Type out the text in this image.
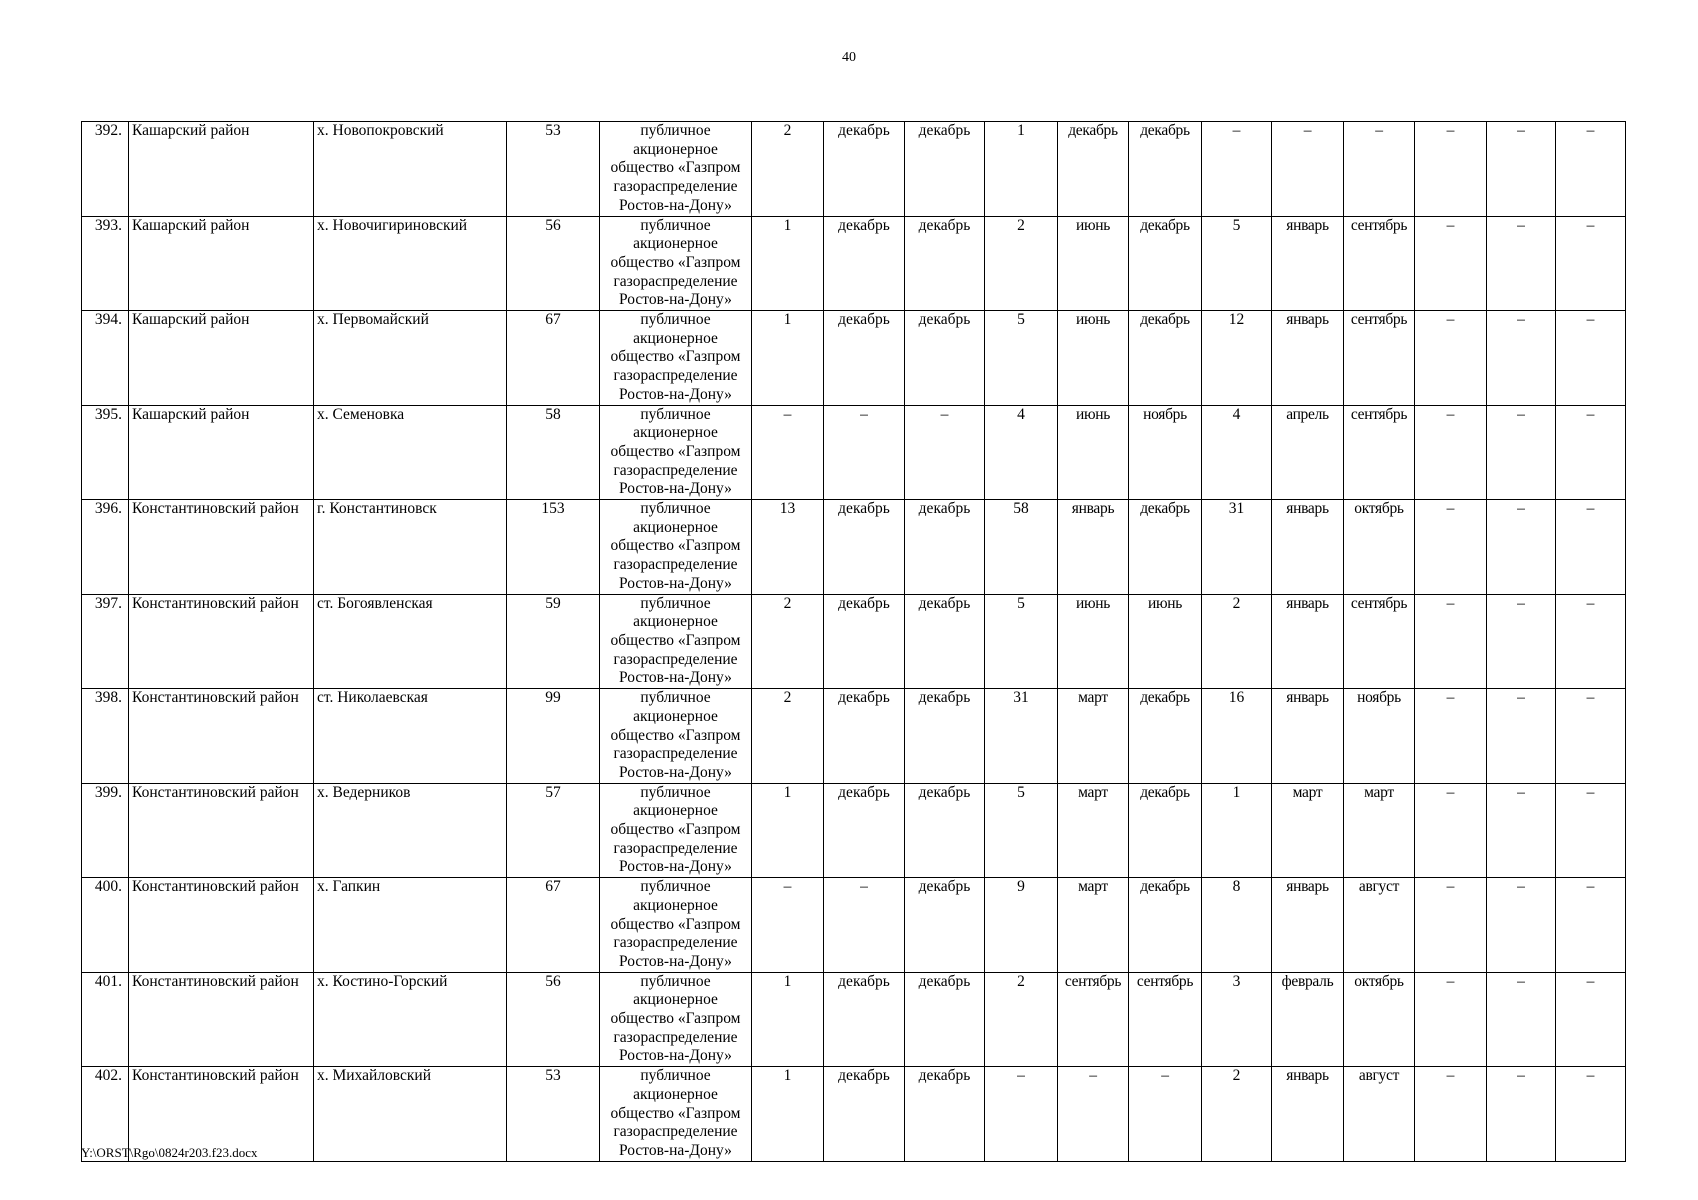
40
392.	Кашарский район	х. Новопокровский	53	публичное акционерное общество «Газпром газораспределение Ростов-на-Дону»	2	декабрь	декабрь	1	декабрь	декабрь	–	–	–	–	–	–
393.	Кашарский район	х. Новочигириновский	56	публичное акционерное общество «Газпром газораспределение Ростов-на-Дону»	1	декабрь	декабрь	2	июнь	декабрь	5	январь	сентябрь	–	–	–
394.	Кашарский район	х. Первомайский	67	публичное акционерное общество «Газпром газораспределение Ростов-на-Дону»	1	декабрь	декабрь	5	июнь	декабрь	12	январь	сентябрь	–	–	–
395.	Кашарский район	х. Семеновка	58	публичное акционерное общество «Газпром газораспределение Ростов-на-Дону»	–	–	–	4	июнь	ноябрь	4	апрель	сентябрь	–	–	–
396.	Константиновский район	г. Константиновск	153	публичное акционерное общество «Газпром газораспределение Ростов-на-Дону»	13	декабрь	декабрь	58	январь	декабрь	31	январь	октябрь	–	–	–
397.	Константиновский район	ст. Богоявленская	59	публичное акционерное общество «Газпром газораспределение Ростов-на-Дону»	2	декабрь	декабрь	5	июнь	июнь	2	январь	сентябрь	–	–	–
398.	Константиновский район	ст. Николаевская	99	публичное акционерное общество «Газпром газораспределение Ростов-на-Дону»	2	декабрь	декабрь	31	март	декабрь	16	январь	ноябрь	–	–	–
399.	Константиновский район	х. Ведерников	57	публичное акционерное общество «Газпром газораспределение Ростов-на-Дону»	1	декабрь	декабрь	5	март	декабрь	1	март	март	–	–	–
400.	Константиновский район	х. Гапкин	67	публичное акционерное общество «Газпром газораспределение Ростов-на-Дону»	–	–	декабрь	9	март	декабрь	8	январь	август	–	–	–
401.	Константиновский район	х. Костино-Горский	56	публичное акционерное общество «Газпром газораспределение Ростов-на-Дону»	1	декабрь	декабрь	2	сентябрь	сентябрь	3	февраль	октябрь	–	–	–
402.	Константиновский район	х. Михайловский	53	публичное акционерное общество «Газпром газораспределение Ростов-на-Дону»	1	декабрь	декабрь	–	–	–	2	январь	август	–	–	–
Y:\ORST\Rgo\0824r203.f23.docx
